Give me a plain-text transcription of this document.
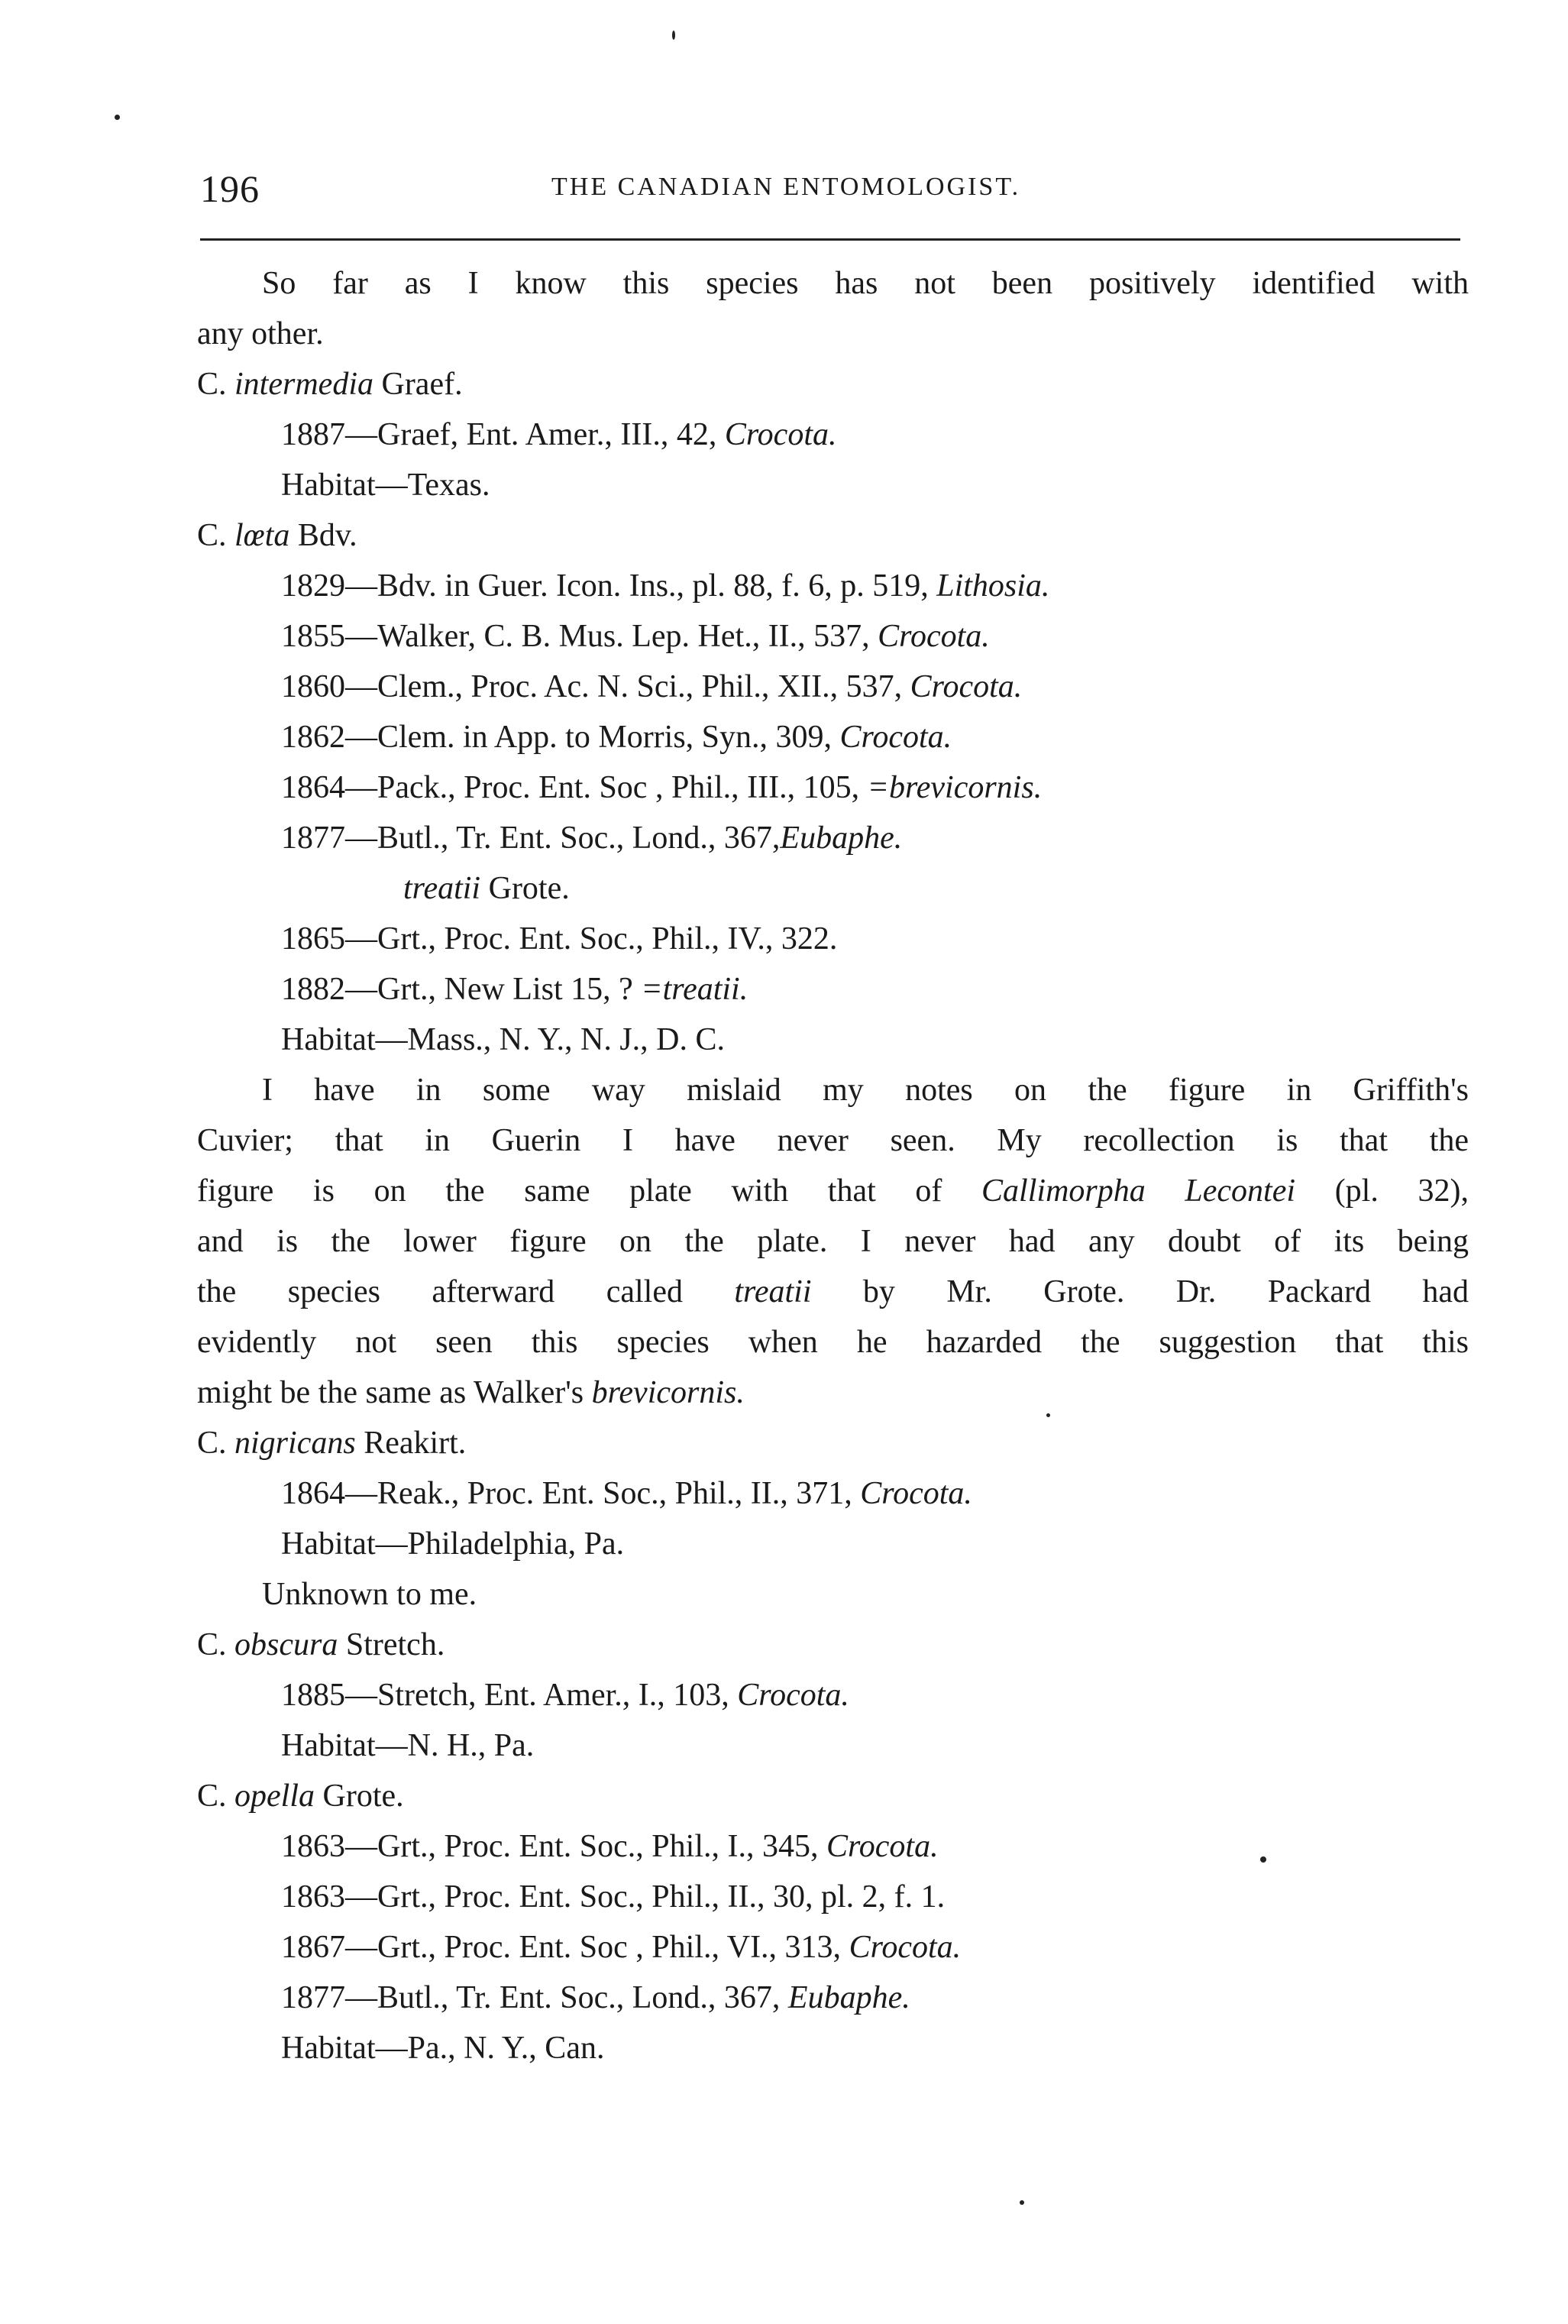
196	THE CANADIAN ENTOMOLOGIST.
So far as I know this species has not been positively identified with
any other.
C. intermedia Graef.
1887—Graef, Ent. Amer., III., 42, Crocota.
Habitat—Texas.
C. lœta Bdv.
1829—Bdv. in Guer. Icon. Ins., pl. 88, f. 6, p. 519, Lithosia.
1855—Walker, C. B. Mus. Lep. Het., II., 537, Crocota.
1860—Clem., Proc. Ac. N. Sci., Phil., XII., 537, Crocota.
1862—Clem. in App. to Morris, Syn., 309, Crocota.
1864—Pack., Proc. Ent. Soc , Phil., III., 105, =brevicornis.
1877—Butl., Tr. Ent. Soc., Lond., 367,Eubaphe.
treatii Grote.
1865—Grt., Proc. Ent. Soc., Phil., IV., 322.
1882—Grt., New List 15, ? =treatii.
Habitat—Mass., N. Y., N. J., D. C.
I have in some way mislaid my notes on the figure in Griffith's
Cuvier; that in Guerin I have never seen. My recollection is that the
figure is on the same plate with that of Callimorpha Lecontei (pl. 32),
and is the lower figure on the plate. I never had any doubt of its being
the species afterward called treatii by Mr. Grote. Dr. Packard had
evidently not seen this species when he hazarded the suggestion that this
might be the same as Walker's brevicornis.
C. nigricans Reakirt.
1864—Reak., Proc. Ent. Soc., Phil., II., 371, Crocota.
Habitat—Philadelphia, Pa.
Unknown to me.
C. obscura Stretch.
1885—Stretch, Ent. Amer., I., 103, Crocota.
Habitat—N. H., Pa.
C. opella Grote.
1863—Grt., Proc. Ent. Soc., Phil., I., 345, Crocota.
1863—Grt., Proc. Ent. Soc., Phil., II., 30, pl. 2, f. 1.
1867—Grt., Proc. Ent. Soc , Phil., VI., 313, Crocota.
1877—Butl., Tr. Ent. Soc., Lond., 367, Eubaphe.
Habitat—Pa., N. Y., Can.
